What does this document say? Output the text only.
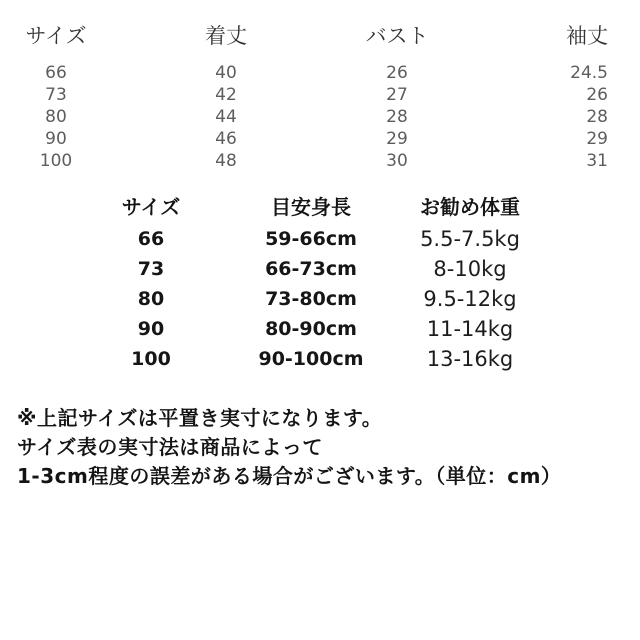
サイズ	着丈	バスト	袖丈
66	40	26	24.5
73	42	27	26
80	44	28	28
90	46	29	29
100	48	30	31
サイズ	目安身長	お勧め体重
66	59-66cm	5.5-7.5kg
73	66-73cm	8-10kg
80	73-80cm	9.5-12kg
90	80-90cm	11-14kg
100	90-100cm	13-16kg
※上記サイズは平置き実寸になります。
サイズ表の実寸法は商品によって
1-3cm程度の誤差がある場合がございます。（単位：cm）
